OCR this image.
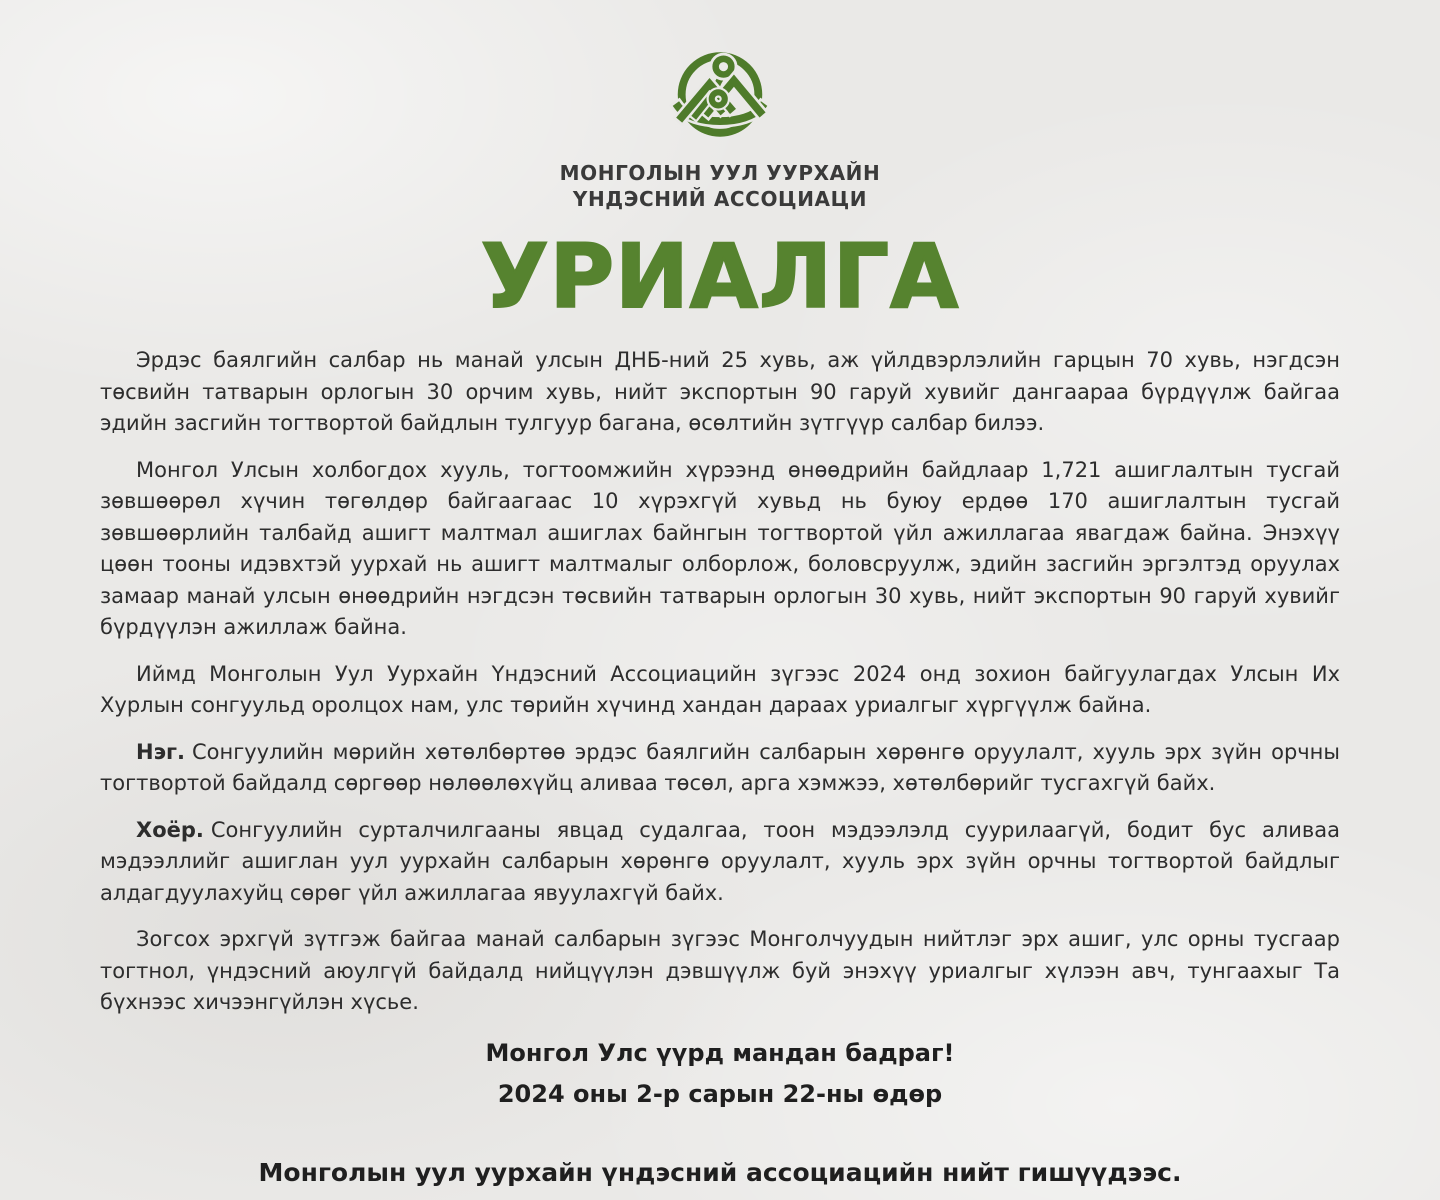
МОНГОЛЫН УУЛ УУРХАЙН
ҮНДЭСНИЙ АССОЦИАЦИ
УРИАЛГА

Эрдэс баялгийн салбар нь манай улсын ДНБ-ний 25 хувь, аж үйлдвэрлэлийн гарцын 70 хувь, нэгдсэн төсвийн татварын орлогын 30 орчим хувь, нийт экспортын 90 гаруй хувийг дангаараа бүрдүүлж байгаа эдийн засгийн тогтвортой байдлын тулгуур багана, өсөлтийн зүтгүүр салбар билээ.

Монгол Улсын холбогдох хууль, тогтоомжийн хүрээнд өнөөдрийн байдлаар 1,721 ашиглалтын тусгай зөвшөөрөл хүчин төгөлдөр байгаагаас 10 хүрэхгүй хувьд нь буюу ердөө 170 ашиглалтын тусгай зөвшөөрлийн талбайд ашигт малтмал ашиглах байнгын тогтвортой үйл ажиллагаа явагдаж байна. Энэхүү цөөн тооны идэвхтэй уурхай нь ашигт малтмалыг олборлож, боловсруулж, эдийн засгийн эргэлтэд оруулах замаар манай улсын өнөөдрийн нэгдсэн төсвийн татварын орлогын 30 хувь, нийт экспортын 90 гаруй хувийг бүрдүүлэн ажиллаж байна.

Иймд Монголын Уул Уурхайн Үндэсний Ассоциацийн зүгээс 2024 онд зохион байгуулагдах Улсын Их Хурлын сонгуульд оролцох нам, улс төрийн хүчинд хандан дараах уриалгыг хүргүүлж байна.

Нэг. Сонгуулийн мөрийн хөтөлбөртөө эрдэс баялгийн салбарын хөрөнгө оруулалт, хууль эрх зүйн орчны тогтвортой байдалд сөргөөр нөлөөлөхүйц аливаа төсөл, арга хэмжээ, хөтөлбөрийг тусгахгүй байх.

Хоёр. Сонгуулийн сурталчилгааны явцад судалгаа, тоон мэдээлэлд суурилаагүй, бодит бус аливаа мэдээллийг ашиглан уул уурхайн салбарын хөрөнгө оруулалт, хууль эрх зүйн орчны тогтвортой байдлыг алдагдуулахуйц сөрөг үйл ажиллагаа явуулахгүй байх.

Зогсох эрхгүй зүтгэж байгаа манай салбарын зүгээс Монголчуудын нийтлэг эрх ашиг, улс орны тусгаар тогтнол, үндэсний аюулгүй байдалд нийцүүлэн дэвшүүлж буй энэхүү уриалгыг хүлээн авч, тунгаахыг Та бүхнээс хичээнгүйлэн хүсье.

Монгол Улс үүрд мандан бадраг!

2024 оны 2-р сарын 22-ны өдөр

Монголын уул уурхайн үндэсний ассоциацийн нийт гишүүдээс.
